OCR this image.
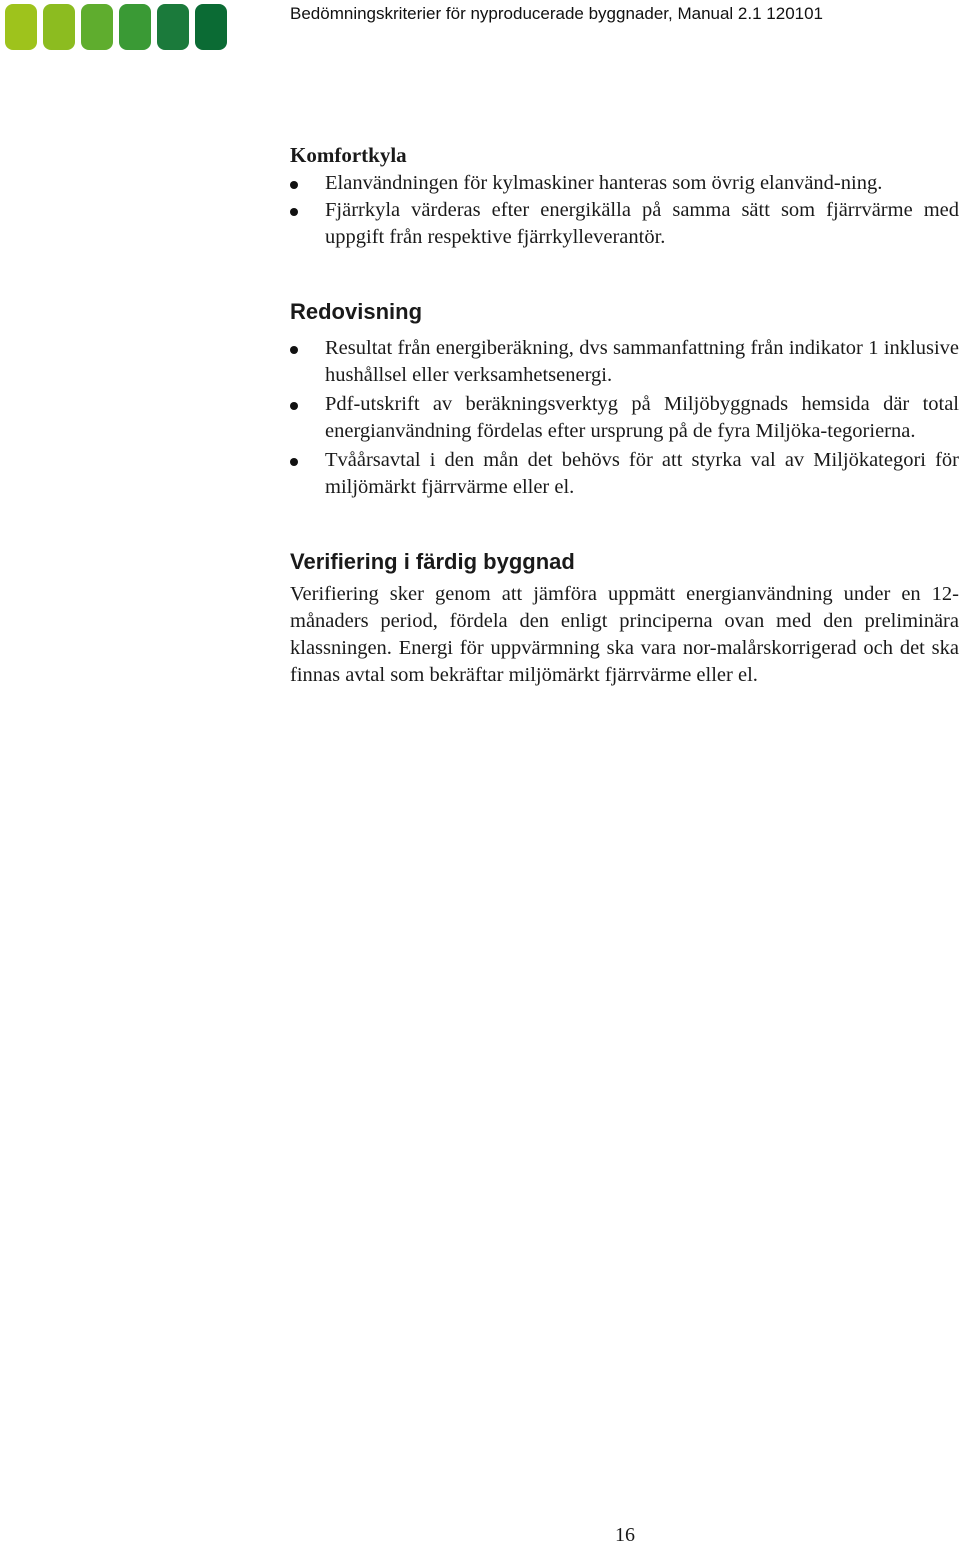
Bedömningskriterier för nyproducerade byggnader, Manual 2.1 120101
Komfortkyla
Elanvändningen för kylmaskiner hanteras som övrig elanvänd-ning.
Fjärrkyla värderas efter energikälla på samma sätt som fjärrvärme med uppgift från respektive fjärrkylleverantör.
Redovisning
Resultat från energiberäkning, dvs sammanfattning från indikator 1 inklusive hushållsel eller verksamhetsenergi.
Pdf-utskrift av beräkningsverktyg på Miljöbyggnads hemsida där total energianvändning fördelas efter ursprung på de fyra Miljöka-tegorierna.
Tvåårsavtal i den mån det behövs för att styrka val av Miljökategori för miljömärkt fjärrvärme eller el.
Verifiering i färdig byggnad

Verifiering sker genom att jämföra uppmätt energianvändning under en 12-månaders period, fördela den enligt principerna ovan med den preliminära klassningen. Energi för uppvärmning ska vara nor-malårskorrigerad och det ska finnas avtal som bekräftar miljömärkt fjärrvärme eller el.

16
